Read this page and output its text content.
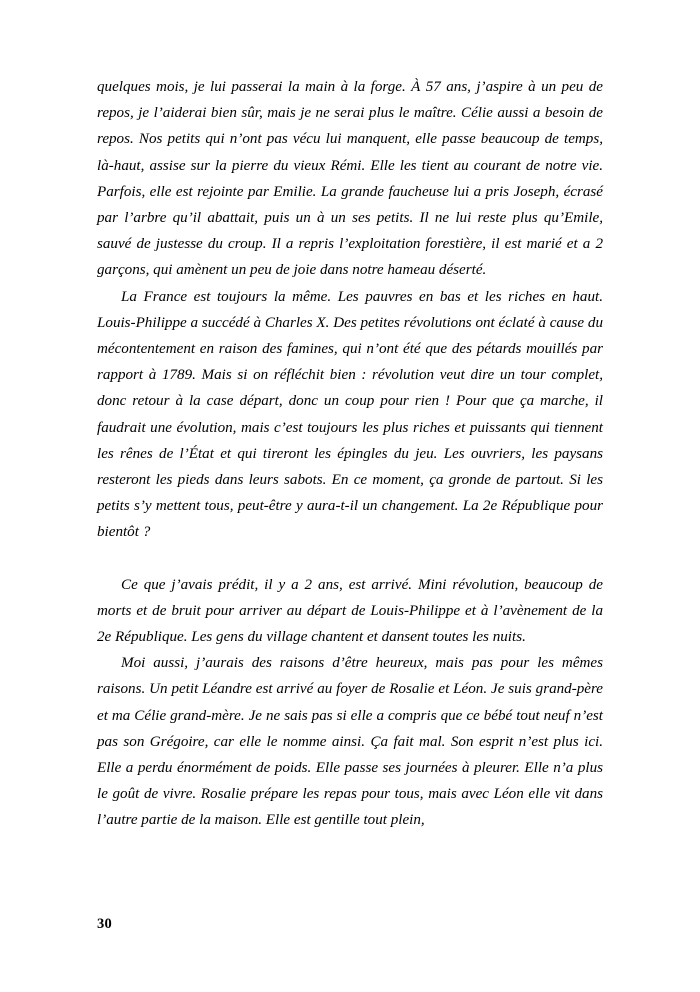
quelques mois, je lui passerai la main à la forge. À 57 ans, j’aspire à un peu de repos, je l’aiderai bien sûr, mais je ne serai plus le maître. Célie aussi a besoin de repos. Nos petits qui n’ont pas vécu lui manquent, elle passe beaucoup de temps, là-haut, assise sur la pierre du vieux Rémi. Elle les tient au courant de notre vie. Parfois, elle est rejointe par Emilie. La grande faucheuse lui a pris Joseph, écrasé par l’arbre qu’il abattait, puis un à un ses petits. Il ne lui reste plus qu’Emile, sauvé de justesse du croup. Il a repris l’exploitation forestière, il est marié et a 2 garçons, qui amènent un peu de joie dans notre hameau déserté.

La France est toujours la même. Les pauvres en bas et les riches en haut. Louis-Philippe a succédé à Charles X. Des petites révolutions ont éclaté à cause du mécontentement en raison des famines, qui n’ont été que des pétards mouillés par rapport à 1789. Mais si on réfléchit bien : révolution veut dire un tour complet, donc retour à la case départ, donc un coup pour rien ! Pour que ça marche, il faudrait une évolution, mais c’est toujours les plus riches et puissants qui tiennent les rênes de l’État et qui tireront les épingles du jeu. Les ouvriers, les paysans resteront les pieds dans leurs sabots. En ce moment, ça gronde de partout. Si les petits s’y mettent tous, peut-être y aura-t-il un changement. La 2e République pour bientôt ?

Ce que j’avais prédit, il y a 2 ans, est arrivé. Mini révolution, beaucoup de morts et de bruit pour arriver au départ de Louis-Philippe et à l’avènement de la 2e République. Les gens du village chantent et dansent toutes les nuits.

Moi aussi, j’aurais des raisons d’être heureux, mais pas pour les mêmes raisons. Un petit Léandre est arrivé au foyer de Rosalie et Léon. Je suis grand-père et ma Célie grand-mère. Je ne sais pas si elle a compris que ce bébé tout neuf n’est pas son Grégoire, car elle le nomme ainsi. Ça fait mal. Son esprit n’est plus ici. Elle a perdu énormément de poids. Elle passe ses journées à pleurer. Elle n’a plus le goût de vivre. Rosalie prépare les repas pour tous, mais avec Léon elle vit dans l’autre partie de la maison. Elle est gentille tout plein,

30
